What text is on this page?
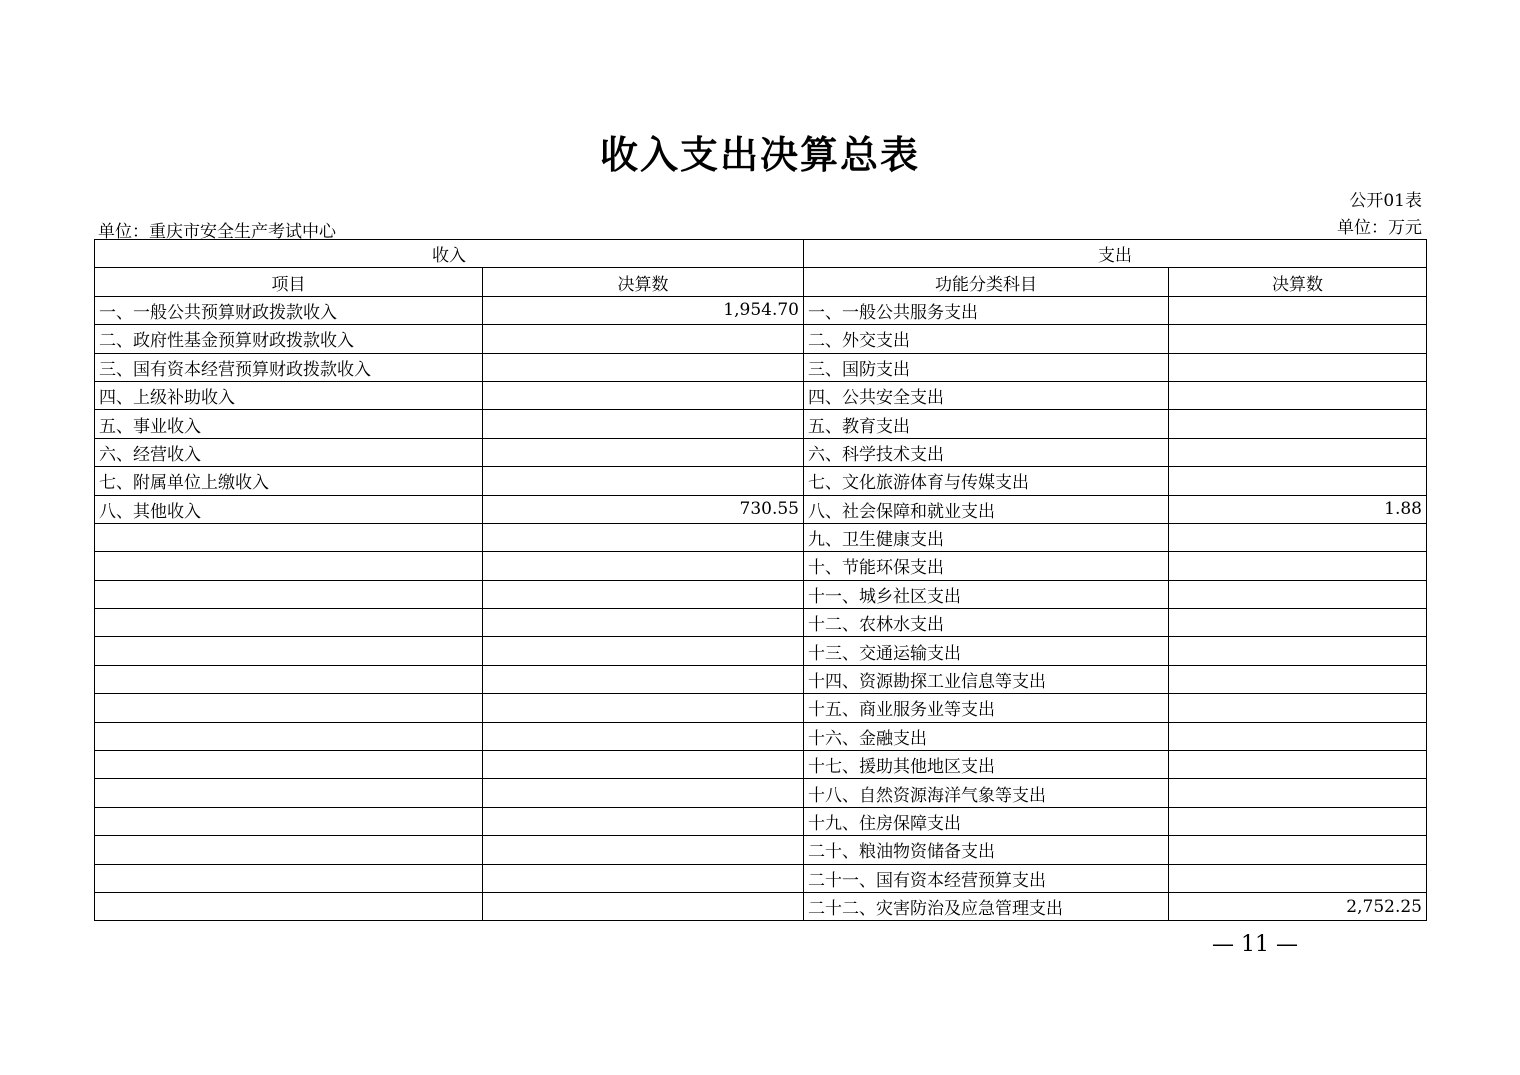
收入支出决算总表
公开01表
单位：万元
单位：重庆市安全生产考试中心
收入		支出	
项目	决算数	功能分类科目	决算数
一、一般公共预算财政拨款收入	1,954.70	一、一般公共服务支出	
二、政府性基金预算财政拨款收入		二、外交支出	
三、国有资本经营预算财政拨款收入		三、国防支出	
四、上级补助收入		四、公共安全支出	
五、事业收入		五、教育支出	
六、经营收入		六、科学技术支出	
七、附属单位上缴收入		七、文化旅游体育与传媒支出	
八、其他收入	730.55	八、社会保障和就业支出	1.88
		九、卫生健康支出	
		十、节能环保支出	
		十一、城乡社区支出	
		十二、农林水支出	
		十三、交通运输支出	
		十四、资源勘探工业信息等支出	
		十五、商业服务业等支出	
		十六、金融支出	
		十七、援助其他地区支出	
		十八、自然资源海洋气象等支出	
		十九、住房保障支出	
		二十、粮油物资储备支出	
		二十一、国有资本经营预算支出	
		二十二、灾害防治及应急管理支出	2,752.25
— 11 —
